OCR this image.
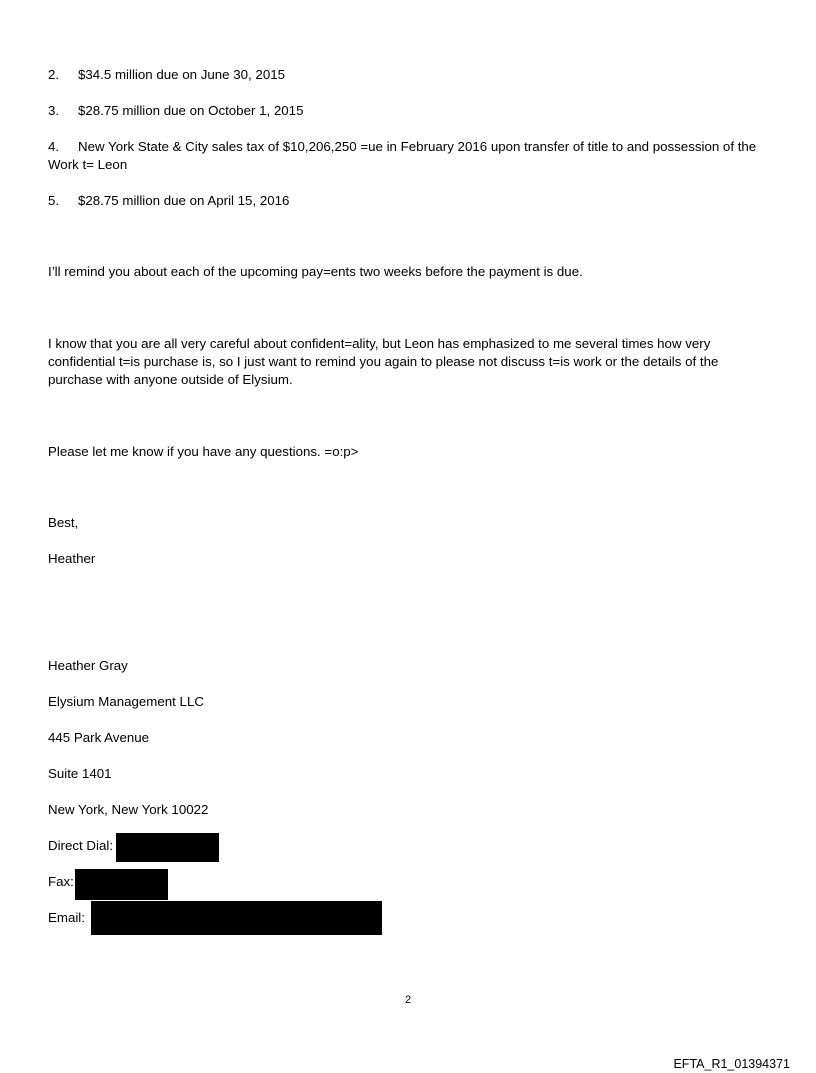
2. $34.5 million due on June 30, 2015
3. $28.75 million due on October 1, 2015
4. New York State & City sales tax of $10,206,250 =ue in February 2016 upon transfer of title to and possession of the Work t= Leon
5. $28.75 million due on April 15, 2016
I’ll remind you about each of the upcoming pay=ents two weeks before the payment is due.
I know that you are all very careful about confident=ality, but Leon has emphasized to me several times how very confidential t=is purchase is, so I just want to remind you again to please not discuss t=is work or the details of the purchase with anyone outside of Elysium.
Please let me know if you have any questions. =o:p>
Best,
Heather
Heather Gray
Elysium Management LLC
445 Park Avenue
Suite 1401
New York, New York 10022
Direct Dial:
Fax:
Email:
2
EFTA_R1_01394371
